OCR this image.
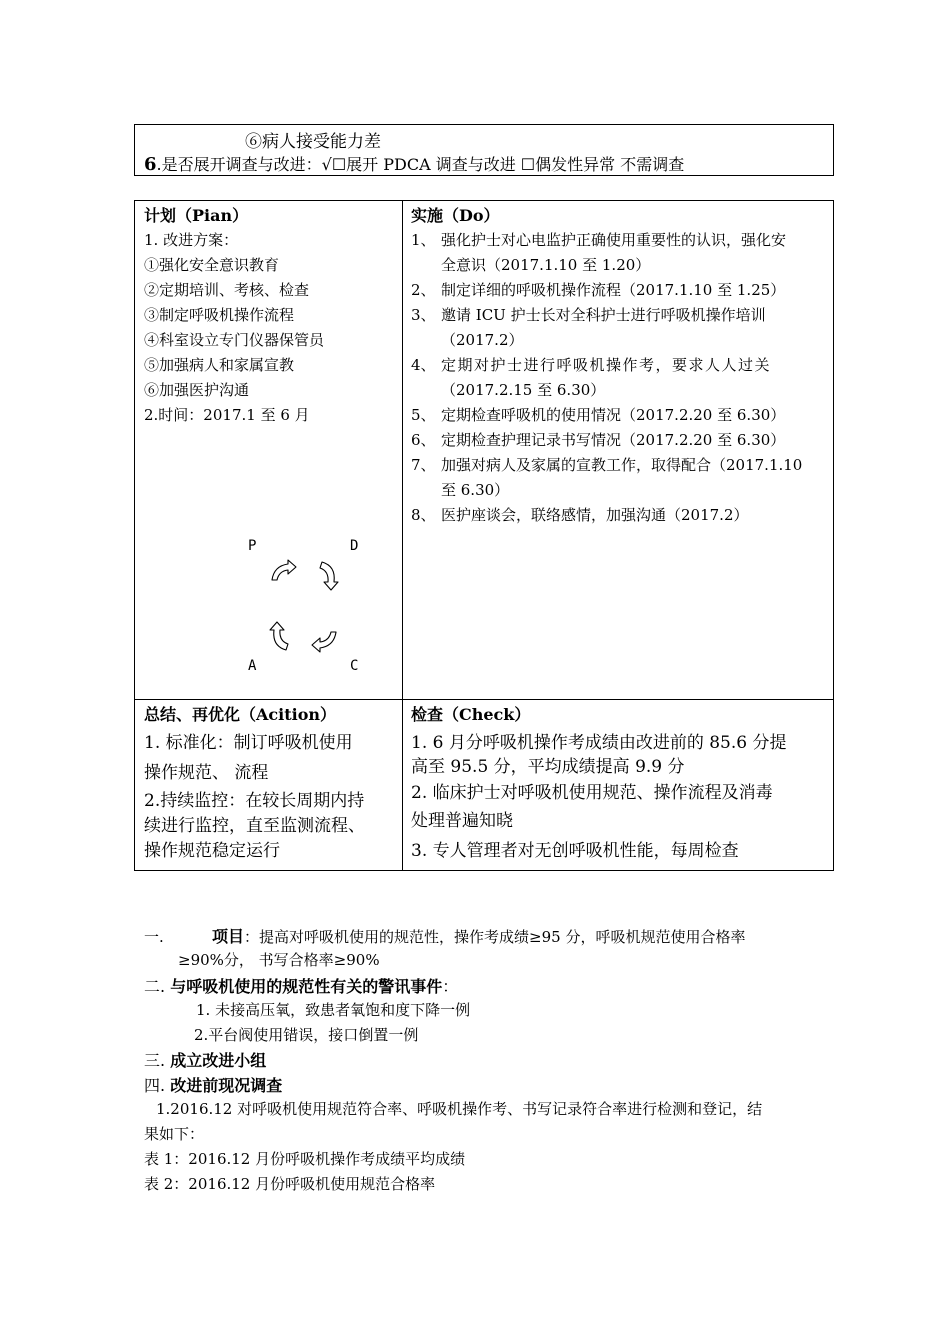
⑥病人接受能力差
6.是否展开调查与改进：√☐展开 PDCA 调查与改进 ☐偶发性异常 不需调查
计划（Pian）
1. 改进方案：
①强化安全意识教育
②定期培训、考核、检查
③制定呼吸机操作流程
④科室设立专门仪器保管员
⑤加强病人和家属宣教
⑥加强医护沟通
2.时间：2017.1 至 6 月
P	D
A	C
实施（Do）
1、 强化护士对心电监护正确使用重要性的认识，强化安
全意识（2017.1.10 至 1.20）
2、 制定详细的呼吸机操作流程（2017.1.10 至 1.25）
3、 邀请 ICU 护士长对全科护士进行呼吸机操作培训
（2017.2）
4、 定期对护士进行呼吸机操作考，要求人人过关
（2017.2.15 至 6.30）
5、 定期检查呼吸机的使用情况（2017.2.20 至 6.30）
6、 定期检查护理记录书写情况（2017.2.20 至 6.30）
7、 加强对病人及家属的宣教工作，取得配合（2017.1.10
至 6.30）
8、 医护座谈会，联络感情，加强沟通（2017.2）
总结、再优化（Acition）
1. 标准化：制订呼吸机使用
操作规范、 流程
2.持续监控：在较长周期内持
续进行监控，直至监测流程、
操作规范稳定运行
检查（Check）
1. 6 月分呼吸机操作考成绩由改进前的 85.6 分提
高至 95.5 分，平均成绩提高 9.9 分
2. 临床护士对呼吸机使用规范、操作流程及消毒
处理普遍知晓
3. 专人管理者对无创呼吸机性能，每周检查
一.	项目：提高对呼吸机使用的规范性，操作考成绩≥95 分，呼吸机规范使用合格率
≥90%分， 书写合格率≥90%
二. 与呼吸机使用的规范性有关的警讯事件：
1. 未接高压氧，致患者氧饱和度下降一例
2.平台阀使用错误，接口倒置一例
三. 成立改进小组
四. 改进前现况调查
1.2016.12 对呼吸机使用规范符合率、呼吸机操作考、书写记录符合率进行检测和登记，结
果如下：
表 1：2016.12 月份呼吸机操作考成绩平均成绩
表 2：2016.12 月份呼吸机使用规范合格率
